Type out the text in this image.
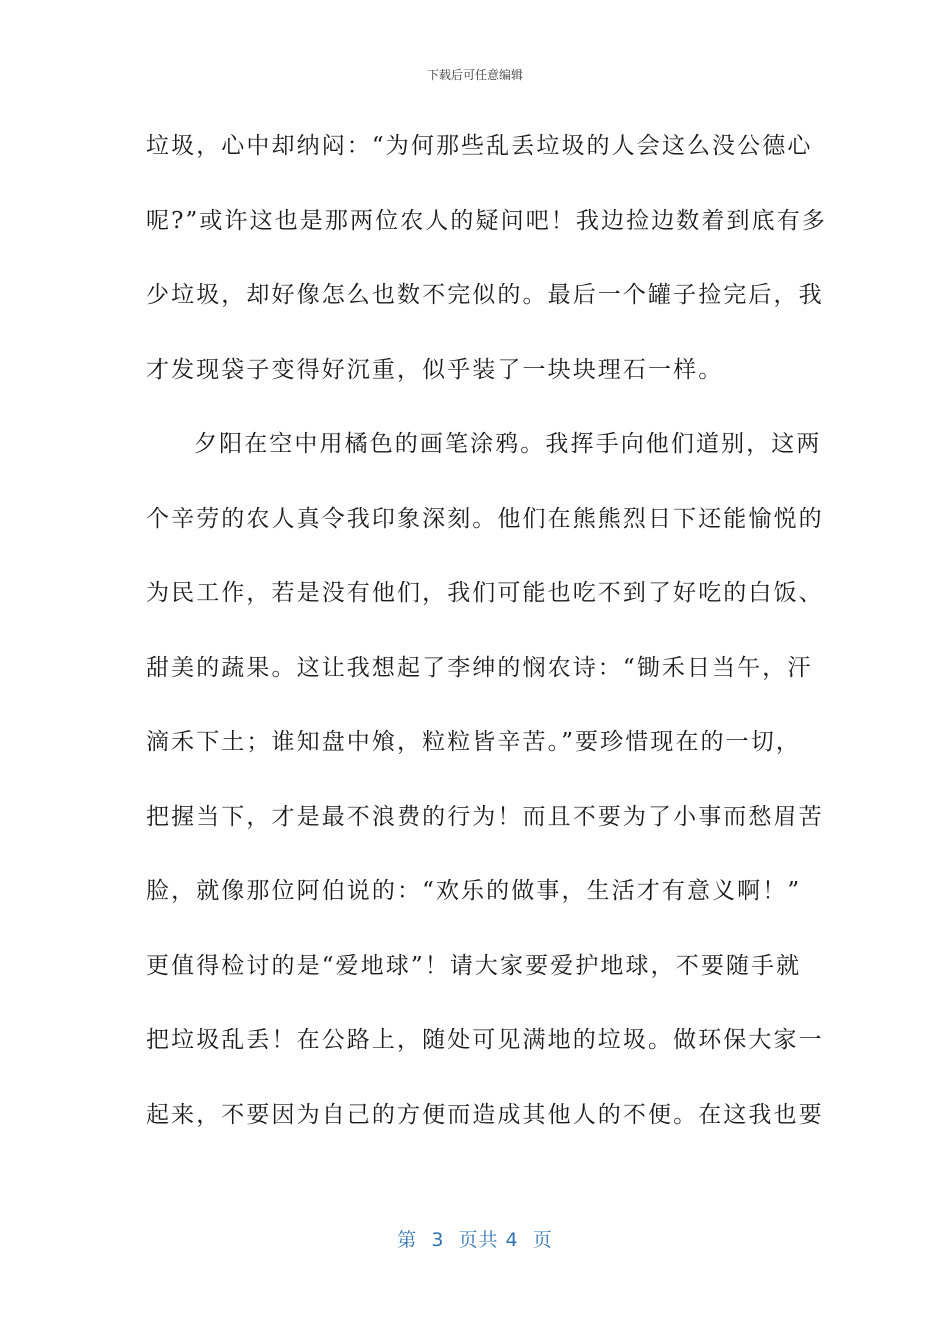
下载后可任意编辑
垃圾，心中却纳闷：“为何那些乱丢垃圾的人会这么没公德心
呢?”或许这也是那两位农人的疑问吧！我边捡边数着到底有多
少垃圾，却好像怎么也数不完似的。最后一个罐子捡完后，我
才发现袋子变得好沉重，似乎装了一块块理石一样。
夕阳在空中用橘色的画笔涂鸦。我挥手向他们道别，这两
个辛劳的农人真令我印象深刻。他们在熊熊烈日下还能愉悦的
为民工作，若是没有他们，我们可能也吃不到了好吃的白饭、
甜美的蔬果。这让我想起了李绅的悯农诗：“锄禾日当午，汗
滴禾下土；谁知盘中飧，粒粒皆辛苦。”要珍惜现在的一切，
把握当下，才是最不浪费的行为！而且不要为了小事而愁眉苦
脸，就像那位阿伯说的：“欢乐的做事，生活才有意义啊！”
更值得检讨的是“爱地球”！请大家要爱护地球，不要随手就
把垃圾乱丢！在公路上，随处可见满地的垃圾。做环保大家一
起来，不要因为自己的方便而造成其他人的不便。在这我也要
第  3  页共 4  页
